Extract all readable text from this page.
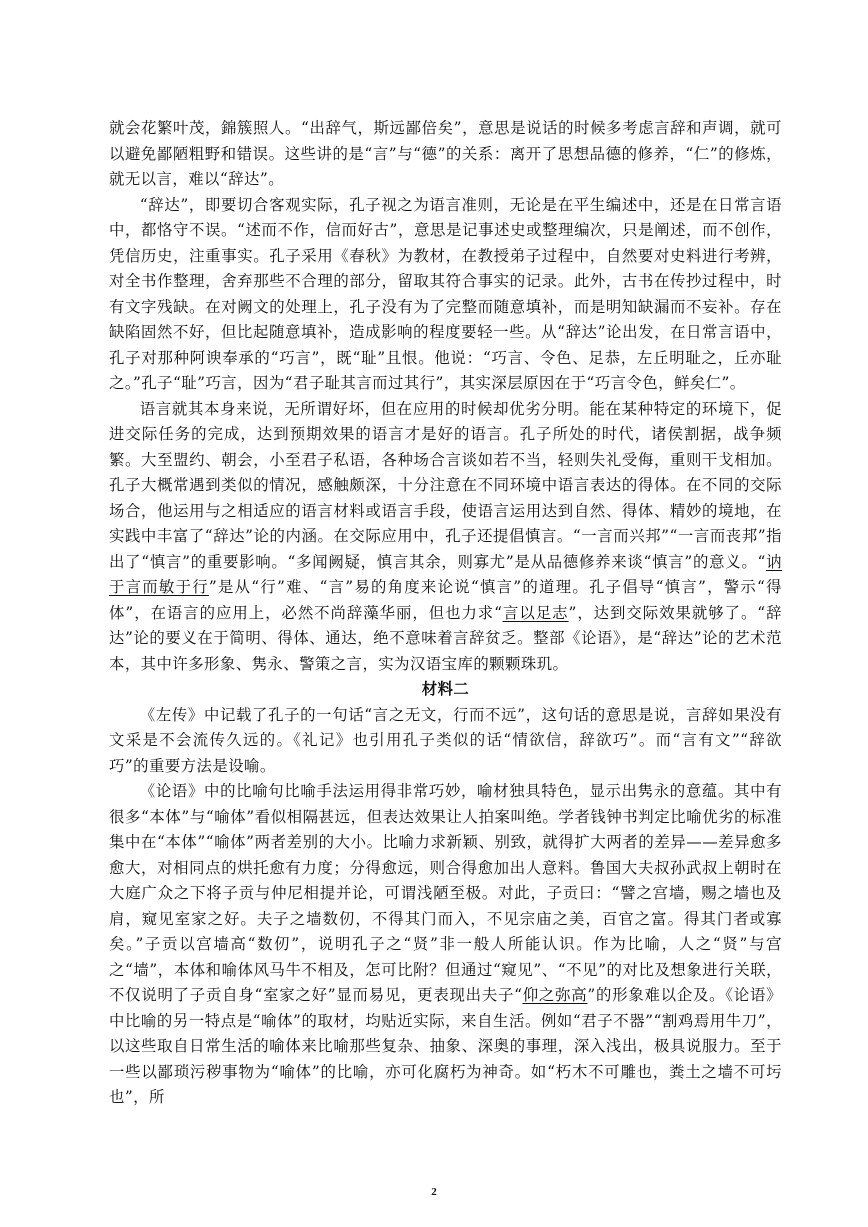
就会花繁叶茂，錦簇照人。“出辞气，斯远鄙倍矣”，意思是说话的时候多考虑言辞和声调，就可以避免鄙陋粗野和错误。这些讲的是“言”与“德”的关系：离开了思想品德的修养，“仁”的修炼，就无以言，难以“辞达”。

“辞达”，即要切合客观实际，孔子视之为语言准则，无论是在平生编述中，还是在日常言语中，都恪守不误。“述而不作，信而好古”，意思是记事述史或整理编次，只是阐述，而不创作，凭信历史，注重事实。孔子采用《春秋》为教材，在教授弟子过程中，自然要对史料进行考辨，对全书作整理，舍弃那些不合理的部分，留取其符合事实的记录。此外，古书在传抄过程中，时有文字残缺。在对阙文的处理上，孔子没有为了完整而随意填补，而是明知缺漏而不妄补。存在缺陷固然不好，但比起随意填补，造成影响的程度要轻一些。从“辞达”论出发，在日常言语中，孔子对那种阿谀奉承的“巧言”，既“耻”且恨。他说：“巧言、令色、足恭，左丘明耻之，丘亦耻之。”孔子“耻”巧言，因为“君子耻其言而过其行”，其实深层原因在于“巧言令色，鲜矣仁”。

语言就其本身来说，无所谓好坏，但在应用的时候却优劣分明。能在某种特定的环境下，促进交际任务的完成，达到预期效果的语言才是好的语言。孔子所处的时代，诸侯割据，战争频繁。大至盟约、朝会，小至君子私语，各种场合言谈如若不当，轻则失礼受侮，重则干戈相加。孔子大概常遇到类似的情况，感触颇深，十分注意在不同环境中语言表达的得体。在不同的交际场合，他运用与之相适应的语言材料或语言手段，使语言运用达到自然、得体、精妙的境地，在实践中丰富了“辞达”论的内涵。在交际应用中，孔子还提倡慎言。“一言而兴邦”“一言而丧邦”指出了“慎言”的重要影响。“多闻阙疑，慎言其余，则寡尤”是从品德修养来谈“慎言”的意义。“讷于言而敏于行”是从“行”难、“言”易的角度来论说“慎言”的道理。孔子倡导“慎言”，警示“得体”，在语言的应用上，必然不尚辞藻华丽，但也力求“言以足志”，达到交际效果就够了。“辞达”论的要义在于简明、得体、通达，绝不意味着言辞贫乏。整部《论语》，是“辞达”论的艺术范本，其中许多形象、隽永、警策之言，实为汉语宝库的颗颗珠玑。

材料二

《左传》中记载了孔子的一句话“言之无文，行而不远”，这句话的意思是说，言辞如果没有文采是不会流传久远的。《礼记》也引用孔子类似的话“情欲信，辞欲巧”。而“言有文”“辞欲巧”的重要方法是设喻。

《论语》中的比喻句比喻手法运用得非常巧妙，喻材独具特色，显示出隽永的意蕴。其中有很多“本体”与“喻体”看似相隔甚远，但表达效果让人拍案叫绝。学者钱钟书判定比喻优劣的标准集中在“本体”“喻体”两者差别的大小。比喻力求新颖、别致，就得扩大两者的差异——差异愈多愈大，对相同点的烘托愈有力度；分得愈远，则合得愈加出人意料。鲁国大夫叔孙武叔上朝时在大庭广众之下将子贡与仲尼相提并论，可谓浅陋至极。对此，子贡曰：“譬之宫墙，赐之墙也及肩，窥见室家之好。夫子之墙数仞，不得其门而入，不见宗庙之美，百官之富。得其门者或寡矣。”子贡以宫墙高“数仞”，说明孔子之“贤”非一般人所能认识。作为比喻，人之“贤”与宫之“墙”，本体和喻体风马牛不相及，怎可比附？但通过“窥见”、“不见”的对比及想象进行关联，不仅说明了子贡自身“室家之好”显而易见，更表现出夫子“仰之弥高”的形象难以企及。《论语》中比喻的另一特点是“喻体”的取材，均贴近实际，来自生活。例如“君子不器”“割鸡焉用牛刀”，以这些取自日常生活的喻体来比喻那些复杂、抽象、深奥的事理，深入浅出，极具说服力。至于一些以鄙琐污秽事物为“喻体”的比喻，亦可化腐朽为神奇。如“朽木不可雕也，粪土之墙不可圬也”，所

2
